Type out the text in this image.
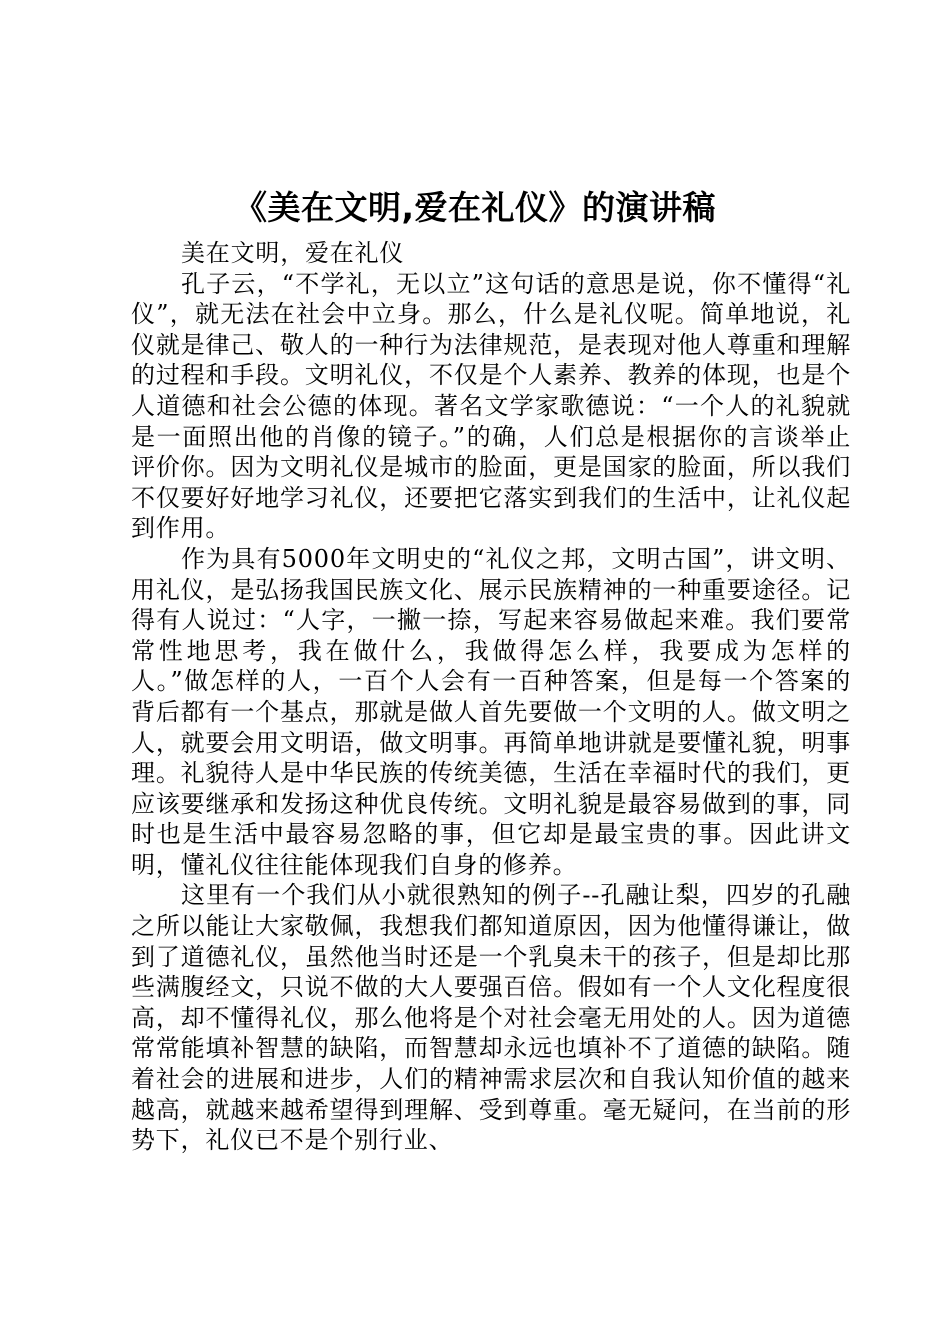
《美在文明,爱在礼仪》的演讲稿

美在文明，爱在礼仪

孔子云，“不学礼，无以立”这句话的意思是说，你不懂得“礼仪”，就无法在社会中立身。那么，什么是礼仪呢。简单地说，礼仪就是律己、敬人的一种行为法律规范，是表现对他人尊重和理解的过程和手段。文明礼仪，不仅是个人素养、教养的体现，也是个人道德和社会公德的体现。著名文学家歌德说：“一个人的礼貌就是一面照出他的肖像的镜子。”的确，人们总是根据你的言谈举止评价你。因为文明礼仪是城市的脸面，更是国家的脸面，所以我们不仅要好好地学习礼仪，还要把它落实到我们的生活中，让礼仪起到作用。

作为具有5000年文明史的“礼仪之邦，文明古国”，讲文明、用礼仪，是弘扬我国民族文化、展示民族精神的一种重要途径。记得有人说过：“人字，一撇一捺，写起来容易做起来难。我们要常常性地思考，我在做什么，我做得怎么样，我要成为怎样的人。”做怎样的人，一百个人会有一百种答案，但是每一个答案的背后都有一个基点，那就是做人首先要做一个文明的人。做文明之人，就要会用文明语，做文明事。再简单地讲就是要懂礼貌，明事理。礼貌待人是中华民族的传统美德，生活在幸福时代的我们，更应该要继承和发扬这种优良传统。文明礼貌是最容易做到的事，同时也是生活中最容易忽略的事，但它却是最宝贵的事。因此讲文明，懂礼仪往往能体现我们自身的修养。

这里有一个我们从小就很熟知的例子--孔融让梨，四岁的孔融之所以能让大家敬佩，我想我们都知道原因，因为他懂得谦让，做到了道德礼仪，虽然他当时还是一个乳臭未干的孩子，但是却比那些满腹经文，只说不做的大人要强百倍。假如有一个人文化程度很高，却不懂得礼仪，那么他将是个对社会毫无用处的人。因为道德常常能填补智慧的缺陷，而智慧却永远也填补不了道德的缺陷。随着社会的进展和进步，人们的精神需求层次和自我认知价值的越来越高，就越来越希望得到理解、受到尊重。毫无疑问，在当前的形势下，礼仪已不是个别行业、
